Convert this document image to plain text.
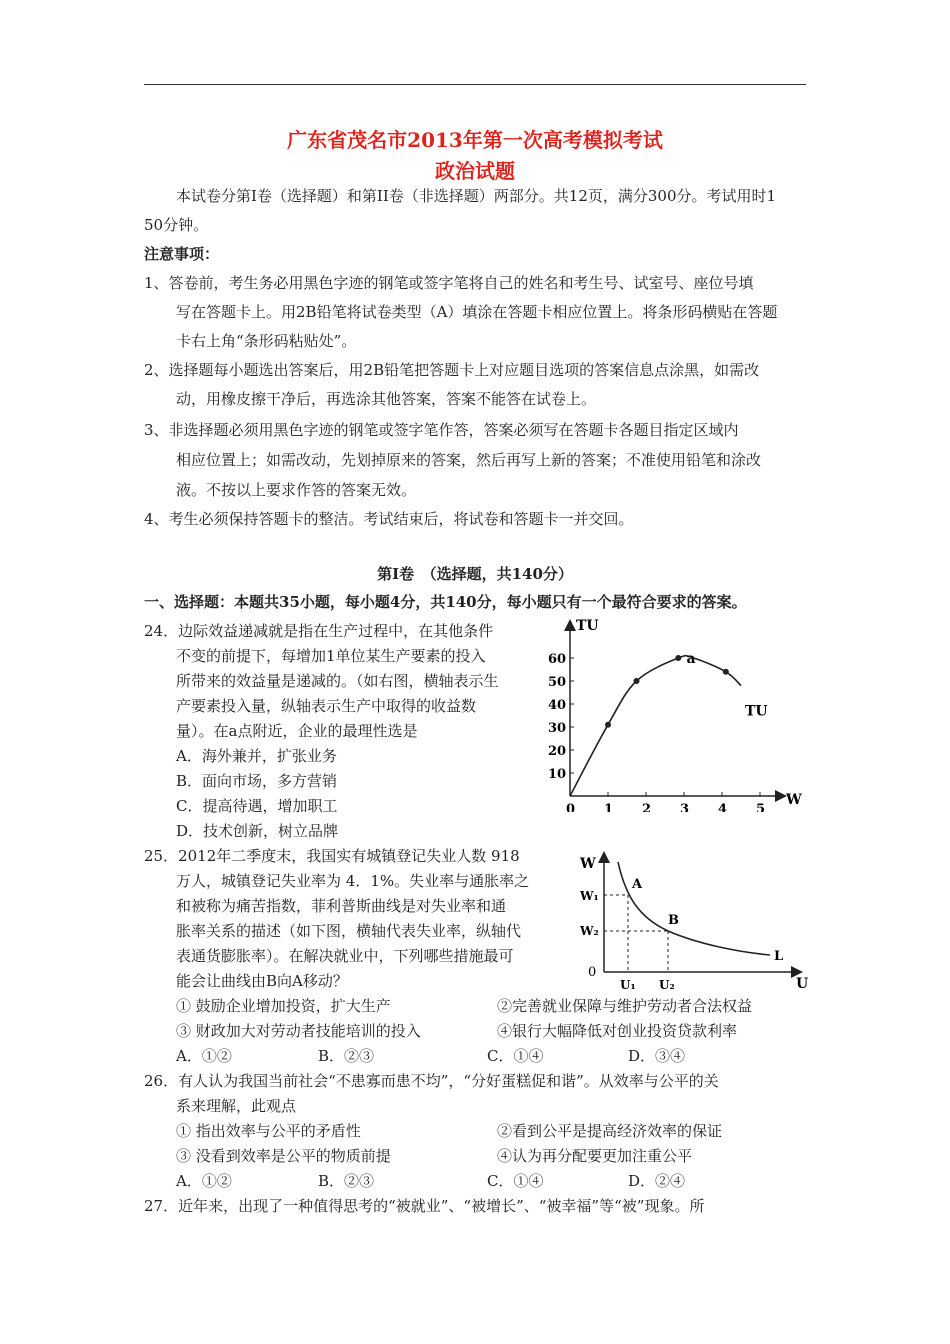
广东省茂名市2013年第一次高考模拟考试
政治试题
本试卷分第Ⅰ卷（选择题）和第II卷（非选择题）两部分。共12页，满分300分。考试用时1
50分钟。
注意事项：
1、答卷前，考生务必用黑色字迹的钢笔或签字笔将自己的姓名和考生号、试室号、座位号填
写在答题卡上。用2B铅笔将试卷类型（A）填涂在答题卡相应位置上。将条形码横贴在答题
卡右上角“条形码粘贴处”。
2、选择题每小题选出答案后，用2B铅笔把答题卡上对应题目选项的答案信息点涂黑，如需改
动，用橡皮擦干净后，再选涂其他答案，答案不能答在试卷上。
3、非选择题必须用黑色字迹的钢笔或签字笔作答，答案必须写在答题卡各题目指定区域内
相应位置上；如需改动，先划掉原来的答案，然后再写上新的答案；不准使用铅笔和涂改
液。不按以上要求作答的答案无效。
4、考生必须保持答题卡的整洁。考试结束后，将试卷和答题卡一并交回。
第Ⅰ卷　（选择题，共140分）
一、选择题：本题共35小题，每小题4分，共140分，每小题只有一个最符合要求的答案。
24．边际效益递减就是指在生产过程中，在其他条件
不变的前提下，每增加1单位某生产要素的投入
所带来的效益量是递减的。（如右图，横轴表示生
产要素投入量，纵轴表示生产中取得的收益数
量）。在a点附近，企业的最理性选是
A．海外兼并，扩张业务
B．面向市场，多方营销
C．提高待遇，增加职工
D．技术创新，树立品牌
TU
W
0 1 2 3 4 5
10
20
30
40
50
60	a
TU
25．2012年二季度末，我国实有城镇登记失业人数 918
万人，城镇登记失业率为 4．1%。失业率与通胀率之
和被称为痛苦指数，菲利普斯曲线是对失业率和通
胀率关系的描述（如下图，横轴代表失业率，纵轴代
表通货膨胀率）。在解决就业中，下列哪些措施最可
能会让曲线由B向A移动？
① 鼓励企业增加投资，扩大生产	②完善就业保障与维护劳动者合法权益
③ 财政加大对劳动者技能培训的投入	④银行大幅降低对创业投资贷款利率
A．①②	B．②③	C．①④	D．③④
W
U
0
W₁
W₂
U₁ U₂
A
B
L
26．有人认为我国当前社会“不患寡而患不均”，“分好蛋糕促和谐”。从效率与公平的关
系来理解，此观点
① 指出效率与公平的矛盾性	②看到公平是提高经济效率的保证
③ 没看到效率是公平的物质前提	④认为再分配要更加注重公平
A．①②	B．②③	C．①④	D．②④
27．近年来，出现了一种值得思考的“被就业”、“被增长”、“被幸福”等“被”现象。所
